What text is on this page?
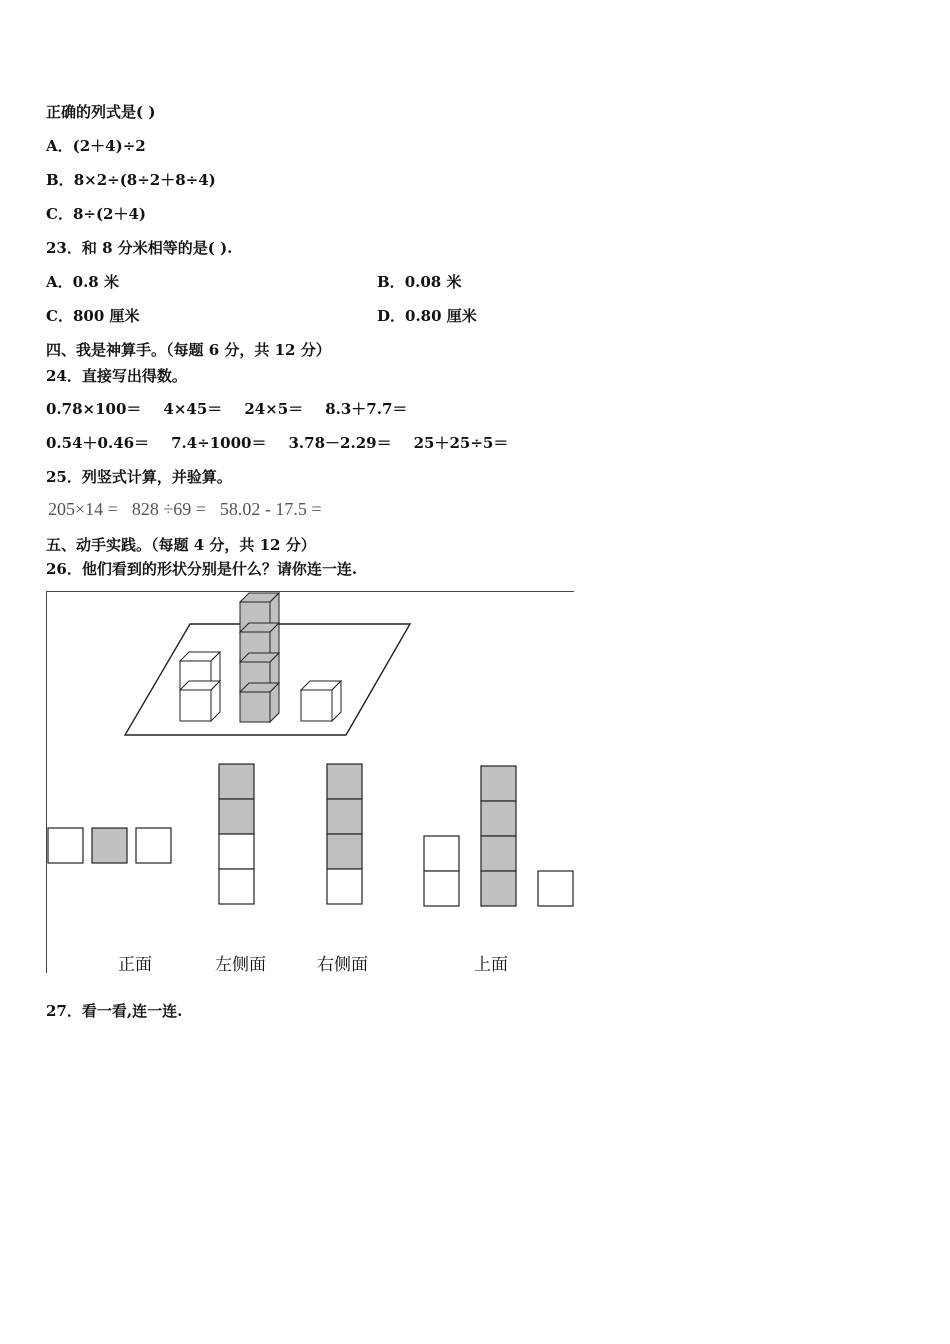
正确的列式是( )
A．(2＋4)÷2
B．8×2÷(8÷2＋8÷4)
C．8÷(2＋4)
23．和 8 分米相等的是( ).
A．0.8 米	B．0.08 米
C．800 厘米	D．0.80 厘米
四、我是神算手。（每题 6 分，共 12 分）
24．直接写出得数。
0.78×100＝ 4×45＝ 24×5＝ 8.3＋7.7＝
0.54＋0.46＝ 7.4÷1000＝ 3.78－2.29＝ 25＋25÷5＝
25．列竖式计算，并验算。
205×14 = 828 ÷69 = 58.02 - 17.5 =
五、动手实践。（每题 4 分，共 12 分）
26．他们看到的形状分别是什么？请你连一连.
正面	左侧面	右侧面	上面
27．看一看,连一连.
